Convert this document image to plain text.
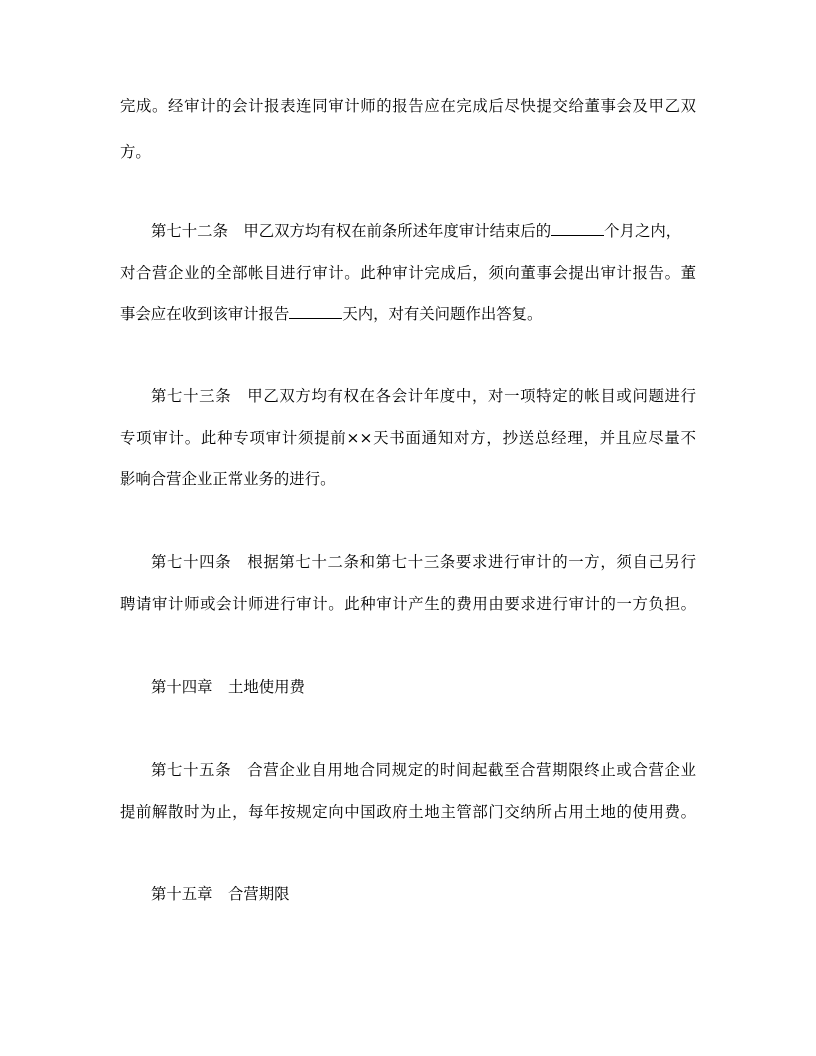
完成。经审计的会计报表连同审计师的报告应在完成后尽快提交给董事会及甲乙双
方。
第七十二条　甲乙双方均有权在前条所述年度审计结束后的	个月之内，
对合营企业的全部帐目进行审计。此种审计完成后，须向董事会提出审计报告。董
事会应在收到该审计报告	天内，对有关问题作出答复。
第七十三条　甲乙双方均有权在各会计年度中，对一项特定的帐目或问题进行
专项审计。此种专项审计须提前××天书面通知对方，抄送总经理，并且应尽量不
影响合营企业正常业务的进行。
第七十四条　根据第七十二条和第七十三条要求进行审计的一方，须自己另行
聘请审计师或会计师进行审计。此种审计产生的费用由要求进行审计的一方负担。
第十四章　土地使用费
第七十五条　合营企业自用地合同规定的时间起截至合营期限终止或合营企业
提前解散时为止，每年按规定向中国政府土地主管部门交纳所占用土地的使用费。
第十五章　合营期限
